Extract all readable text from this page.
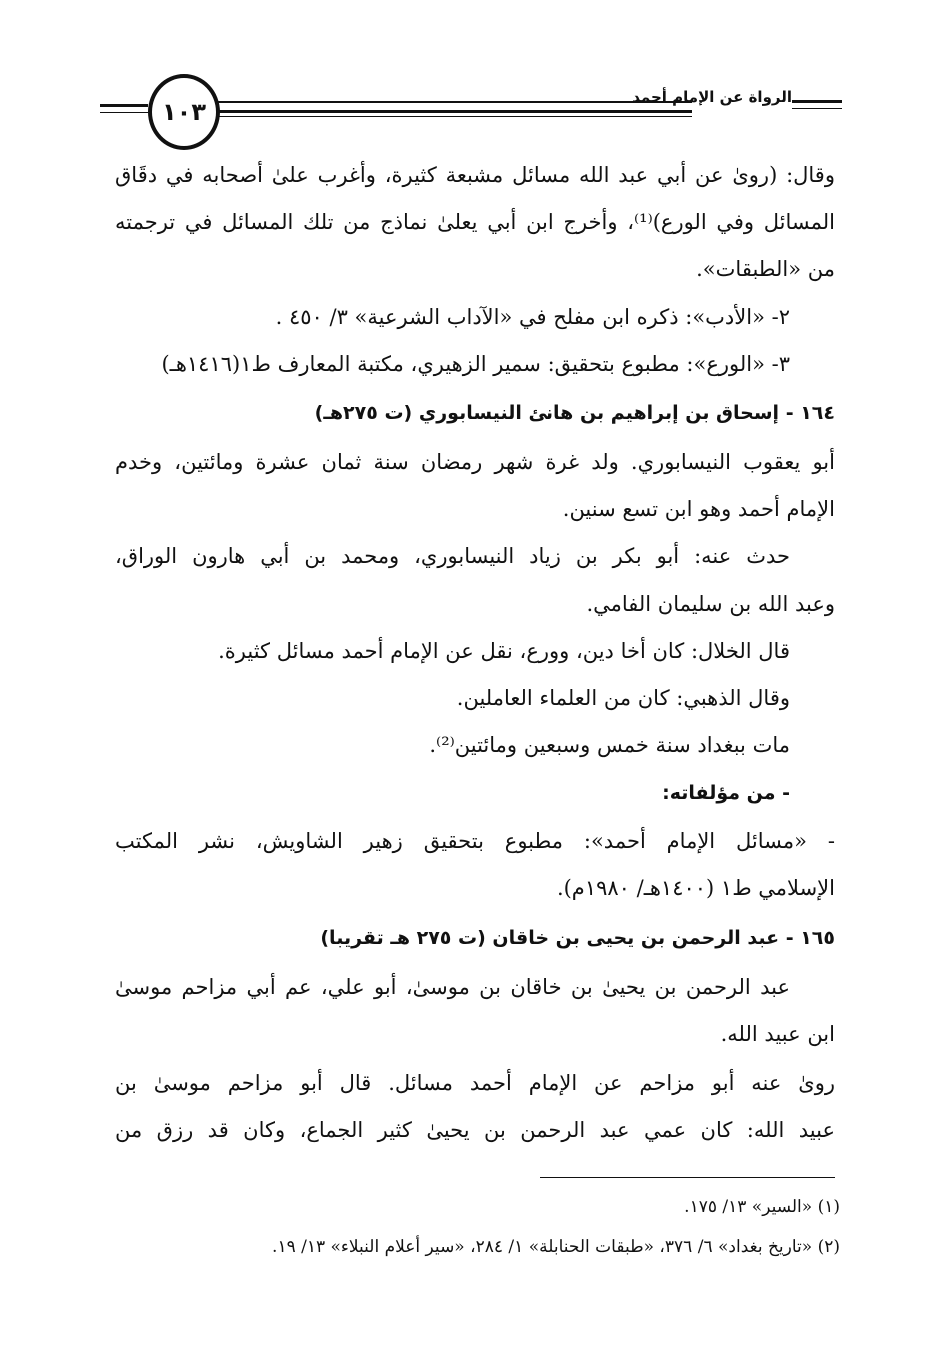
١٠٣
الرواة عن الإمام أحمد
وقال: (رویٰ عن أبي عبد الله مسائل مشبعة كثيرة، وأغرب علىٰ أصحابه في دقَاق
المسائل وفي الورع)⁽¹⁾، وأخرج ابن أبي يعلىٰ نماذج من تلك المسائل في ترجمته
من «الطبقات».
٢- «الأدب»: ذكره ابن مفلح في «الآداب الشرعية» ٣/ ٤٥٠ .
٣- «الورع»: مطبوع بتحقيق: سمير الزهيري، مكتبة المعارف ط١(١٤١٦هـ)
١٦٤ - إسحاق بن إبراهيم بن هانئ النيسابوري (ت ٢٧٥هـ)
أبو يعقوب النيسابوري. ولد غرة شهر رمضان سنة ثمان عشرة ومائتين، وخدم
الإمام أحمد وهو ابن تسع سنين.
حدث عنه: أبو بكر بن زياد النيسابوري، ومحمد بن أبي هارون الوراق،
وعبد الله بن سليمان الفامي.
قال الخلال: كان أخا دين، وورع، نقل عن الإمام أحمد مسائل كثيرة.
وقال الذهبي: كان من العلماء العاملين.
مات ببغداد سنة خمس وسبعين ومائتين⁽²⁾.
- من مؤلفاته:
- «مسائل الإمام أحمد»: مطبوع بتحقيق زهير الشاويش، نشر المكتب
الإسلامي ط١ (١٤٠٠هـ/ ١٩٨٠م).
١٦٥ - عبد الرحمن بن يحيى بن خاقان (ت ٢٧٥ هـ تقريبا)
عبد الرحمن بن يحيىٰ بن خاقان بن موسىٰ، أبو علي، عم أبي مزاحم موسىٰ
ابن عبيد الله.
رویٰ عنه أبو مزاحم عن الإمام أحمد مسائل. قال أبو مزاحم موسىٰ بن
عبيد الله: كان عمي عبد الرحمن بن يحيىٰ كثير الجماع، وكان قد رزق من
(١) «السير» ١٣/ ١٧٥.
(٢) «تاريخ بغداد» ٦/ ٣٧٦، «طبقات الحنابلة» ١/ ٢٨٤، «سير أعلام النبلاء» ١٣/ ١٩.
